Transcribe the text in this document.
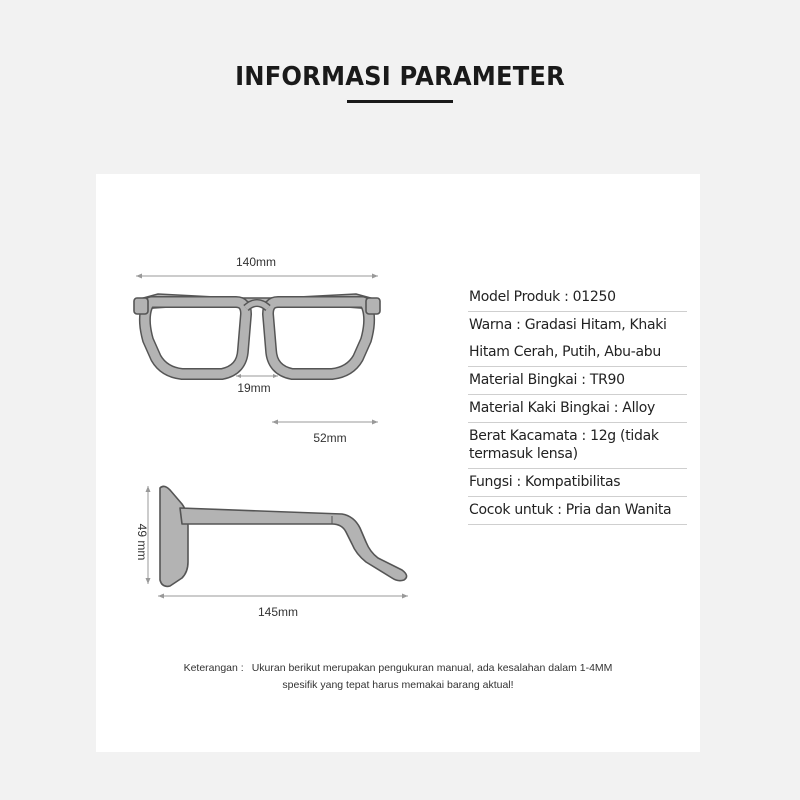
INFORMASI PARAMETER
140mm
19mm
52mm
49 mm
145mm
Model Produk : 01250
Warna : Gradasi Hitam, Khaki
Hitam Cerah, Putih, Abu-abu
Material Bingkai : TR90
Material Kaki Bingkai : Alloy
Berat Kacamata : 12g (tidak termasuk lensa)
Fungsi : Kompatibilitas
Cocok untuk : Pria dan Wanita
Keterangan : Ukuran berikut merupakan pengukuran manual, ada kesalahan dalam 1-4MM
spesifik yang tepat harus memakai barang aktual!
